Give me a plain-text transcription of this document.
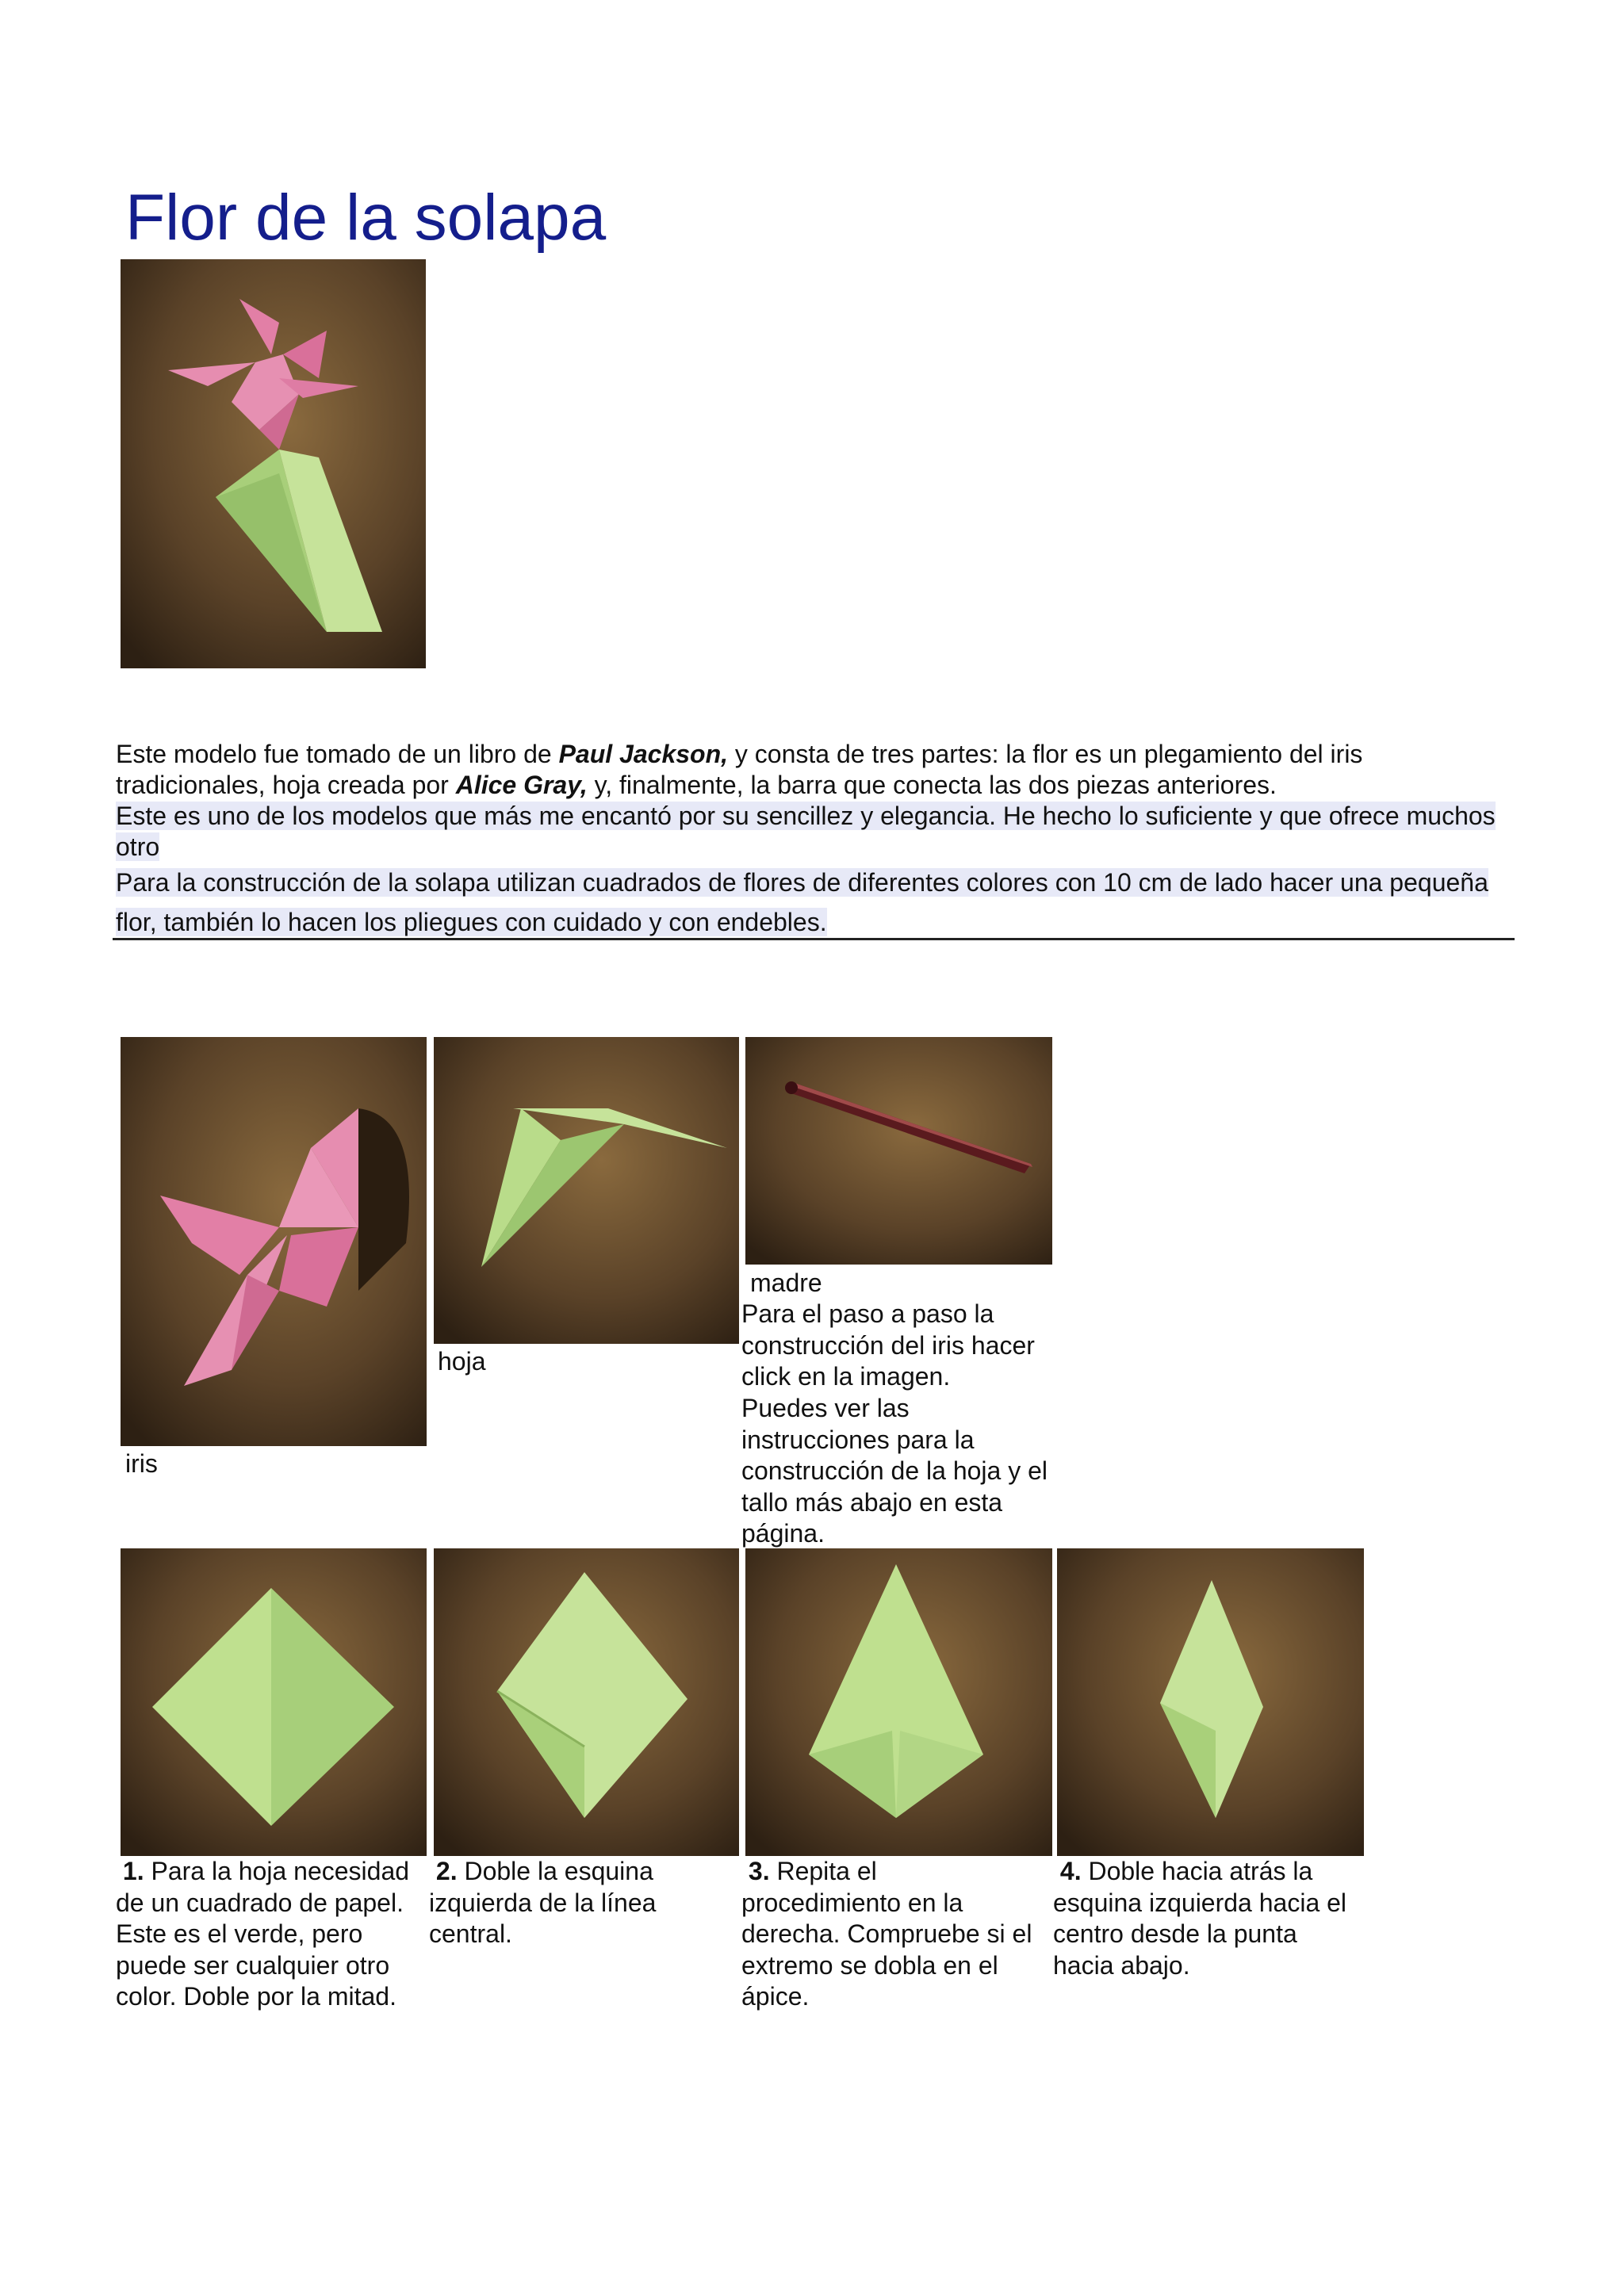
Flor de la solapa

Este modelo fue tomado de un libro de Paul Jackson, y consta de tres partes: la flor es un plegamiento del iris tradicionales, hoja creada por Alice Gray, y, finalmente, la barra que conecta las dos piezas anteriores.

Este es uno de los modelos que más me encantó por su sencillez y elegancia. He hecho lo suficiente y que ofrece muchos otro

Para la construcción de la solapa utilizan cuadrados de flores de diferentes colores con 10 cm de lado hacer una pequeña flor, también lo hacen los pliegues con cuidado y con endebles.

iris
hoja
madre
Para el paso a paso la construcción del iris hacer click en la imagen.
Puedes ver las instrucciones para la construcción de la hoja y el tallo más abajo en esta página.
1. Para la hoja necesidad de un cuadrado de papel. Este es el verde, pero puede ser cualquier otro color. Doble por la mitad.
2. Doble la esquina izquierda de la línea central.
3. Repita el procedimiento en la derecha. Compruebe si el extremo se dobla en el ápice.
4. Doble hacia atrás la esquina izquierda hacia el centro desde la punta hacia abajo.
